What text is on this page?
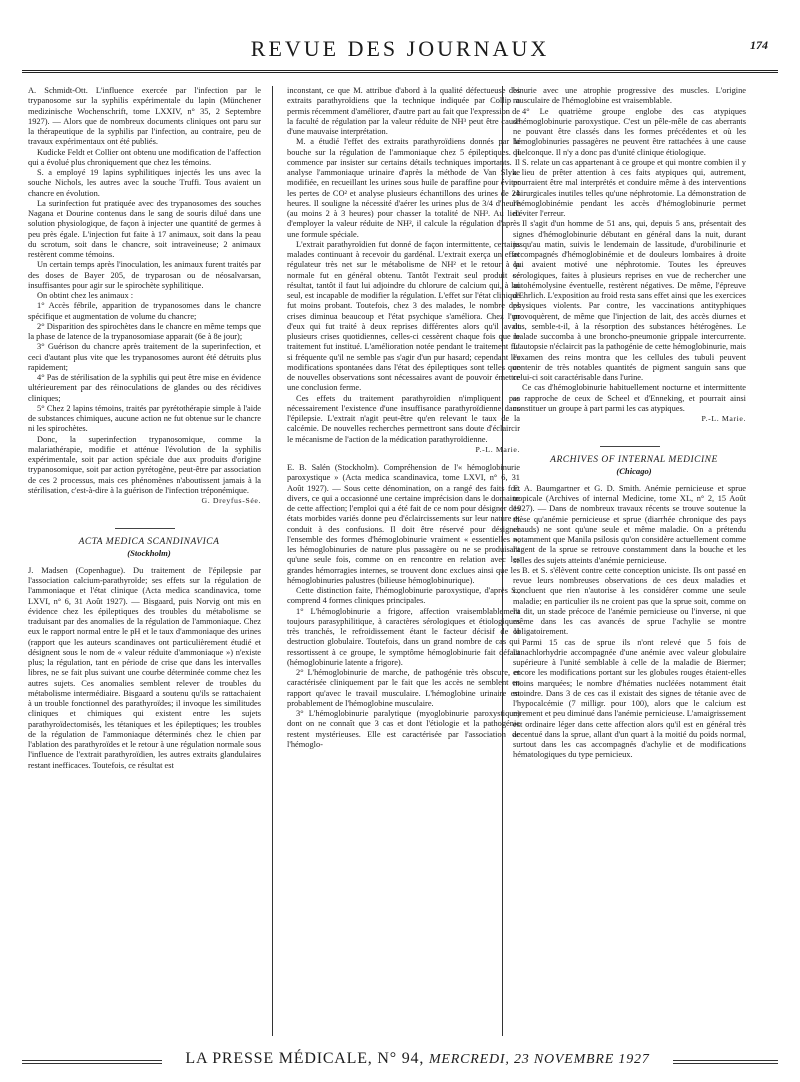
REVUE DES JOURNAUX	174

A. Schmidt-Ott. L'influence exercée par l'infection par le trypanosome sur la syphilis expérimentale du lapin (Münchener medizinische Wochenschrift, tome LXXIV, n° 35, 2 Septembre 1927). — Alors que de nombreux documents cliniques ont paru sur la thérapeutique de la syphilis par l'infection, au contraire, peu de travaux expérimentaux ont été publiés.

Kudicke Feldt et Collier ont obtenu une modification de l'affection qui a évolué plus chroniquement que chez les témoins.

S. a employé 19 lapins syphilitiques injectés les uns avec la souche Nichols, les autres avec la souche Truffi. Tous avaient un chancre en évolution.

La surinfection fut pratiquée avec des trypanosomes des souches Nagana et Dourine contenus dans le sang de souris dilué dans une solution physiologique, de façon à injecter une quantité de germes à peu près égale. L'injection fut faite à 17 animaux, soit dans la peau du scrotum, soit dans le chancre, soit intraveineuse; 2 animaux restèrent comme témoins.

Un certain temps après l'inoculation, les animaux furent traités par des doses de Bayer 205, de tryparosan ou de néosalvarsan, insuffisantes pour agir sur le spirochète syphilitique.

On obtint chez les animaux :

1° Accès fébrile, apparition de trypanosomes dans le chancre spécifique et augmentation de volume du chancre;

2° Disparition des spirochètes dans le chancre en même temps que la phase de latence de la trypanosomiase apparait (6e à 8e jour);

3° Guérison du chancre après traitement de la superinfection, et ceci d'autant plus vite que les trypanosomes auront été détruits plus rapidement;

4° Pas de stérilisation de la syphilis qui peut être mise en évidence ultérieurement par des réinoculations de glandes ou des récidives cliniques;

5° Chez 2 lapins témoins, traités par pyrétothérapie simple à l'aide de substances chimiques, aucune action ne fut obtenue sur le chancre ni les spirochètes.

Donc, la superinfection trypanosomique, comme la malariathérapie, modifie et atténue l'évolution de la syphilis expérimentale, soit par action spéciale due aux produits d'origine trypanosomique, soit par action pyrétogène, peut-être par association de ces 2 processus, mais ces phénomènes n'aboutissent jamais à la stérilisation, c'est-à-dire à la guérison de l'infection tréponémique.

G. Dreyfus-Sée.

ACTA MEDICA SCANDINAVICA

(Stockholm)

J. Madsen (Copenhague). Du traitement de l'épilepsie par l'association calcium-parathyroïde; ses effets sur la régulation de l'ammoniaque et l'état clinique (Acta medica scandinavica, tome LXVI, n° 6, 31 Août 1927). — Bisgaard, puis Norvig ont mis en évidence chez les épileptiques des troubles du métabolisme se traduisant par des anomalies de la régulation de l'ammoniaque. Chez eux le rapport normal entre le pH et le taux d'ammoniaque des urines (rapport que les auteurs scandinaves ont particulièrement étudié et désignent sous le nom de « valeur réduite d'ammoniaque ») n'existe plus; la régulation, tant en période de crise que dans les intervalles libres, ne se fait plus suivant une courbe déterminée comme chez les autres sujets. Ces anomalies semblent relever de troubles du métabolisme intermédiaire. Bisgaard a soutenu qu'ils se rattachaient à un trouble fonctionnel des parathyroïdes; il invoque les similitudes cliniques et chimiques qui existent entre les sujets parathyroïdectomisés, les tétaniques et les épileptiques; les troubles de la régulation de l'ammoniaque déterminés chez le chien par l'ablation des parathyroïdes et le retour à une régulation normale sous l'influence de l'extrait parathyroïdien, les autres extraits glandulaires restant inefficaces. Toutefois, ce résultat est

inconstant, ce que M. attribue d'abord à la qualité défectueuse des extraits parathyroïdiens que la technique indiquée par Collip a permis récemment d'améliorer, d'autre part au fait que l'expression de la faculté de régulation par la valeur réduite de NH³ peut être cause d'une mauvaise interprétation.

M. a étudié l'effet des extraits parathyroïdiens donnés par la bouche sur la régulation de l'ammoniaque chez 5 épileptiques. Il commence par insister sur certains détails techniques importants. Il analyse l'ammoniaque urinaire d'après la méthode de Van Slyke modifiée, en recueillant les urines sous huile de paraffine pour éviter les pertes de CO² et analyse plusieurs échantillons des urines de 24 heures. Il souligne la nécessité d'aérer les urines plus de 3/4 d'heure (au moins 2 à 3 heures) pour chasser la totalité de NH³. Au lieu d'employer la valeur réduite de NH², il calcule la régulation d'après une formule spéciale.

L'extrait parathyroïdien fut donné de façon intermittente, certains malades continuant à recevoir du gardénal. L'extrait exerça un effet régulateur très net sur le métabolisme de NH² et le retour à la normale fut en général obtenu. Tantôt l'extrait seul produit ce résultat, tantôt il faut lui adjoindre du chlorure de calcium qui, à lui seul, est incapable de modifier la régulation. L'effet sur l'état clinique fut moins probant. Toutefois, chez 3 des malades, le nombre des crises diminua beaucoup et l'état psychique s'améliora. Chez l'un d'eux qui fut traité à deux reprises différentes alors qu'il avait plusieurs crises quotidiennes, celles-ci cessèrent chaque fois que le traitement fut institué. L'amélioration notée pendant le traitement fut si fréquente qu'il ne semble pas s'agir d'un pur hasard; cependant les modifications spontanées dans l'état des épileptiques sont telles que de nouvelles observations sont nécessaires avant de pouvoir émettre une conclusion ferme.

Ces effets du traitement parathyroïdien n'impliquent pas nécessairement l'existence d'une insuffisance parathyroïdienne dans l'épilepsie. L'extrait n'agit peut-être qu'en relevant le taux de la calcémie. De nouvelles recherches permettront sans doute d'éclaircir le mécanisme de l'action de la médication parathyroïdienne.

P.-L. Marie.

E. B. Salén (Stockholm). Compréhension de l'« hémoglobinurie paroxystique » (Acta medica scandinavica, tome LXVI, n° 6, 31 Août 1927). — Sous cette dénomination, on a rangé des faits fort divers, ce qui a occasionné une certaine imprécision dans le domaine de cette affection; l'emploi qui a été fait de ce nom pour désigner des états morbides variés donne peu d'éclaircissements sur leur nature et conduit à des confusions. Il doit être réservé pour désigner l'ensemble des formes d'hémoglobinurie vraiment « essentielles », les hémoglobinuries de nature plus passagère ou ne se produisant qu'une seule fois, comme on en rencontre en relation avec les grandes hémorragies internes, se trouvent donc exclues ainsi que les hémoglobinuries palustres (bilieuse hémoglobinurique).

Cette distinction faite, l'hémoglobinurie paroxystique, d'après S., comprend 4 formes cliniques principales.

1° L'hémoglobinurie a frigore, affection vraisemblablement toujours parasyphilitique, à caractères sérologiques et étiologiques très tranchés, le refroidissement étant le facteur décisif de la destruction globulaire. Toutefois, dans un grand nombre de cas qui ressortissent à ce groupe, le symptôme hémoglobinurie fait défaut (hémoglobinurie latente a frigore).

2° L'hémoglobinurie de marche, de pathogénie très obscure, et caractérisée cliniquement par le fait que les accès ne semblent en rapport qu'avec le travail musculaire. L'hémoglobine urinaire est probablement de l'hémoglobine musculaire.

3° L'hémoglobinurie paralytique (myoglobinurie paroxystique) dont on ne connaît que 3 cas et dont l'étiologie et la pathogénie restent mystérieuses. Elle est caractérisée par l'association de l'hémoglo-

binurie avec une atrophie progressive des muscles. L'origine musculaire de l'hémoglobine est vraisemblable.

4° Le quatrième groupe englobe des cas atypiques d'hémoglobinurie paroxystique. C'est un pêle-mêle de cas aberrants ne pouvant être classés dans les formes précédentes et où les hémoglobinuries passagères ne peuvent être rattachées à une cause quelconque. Il n'y a donc pas d'unité clinique étiologique.

S. relate un cas appartenant à ce groupe et qui montre combien il y a lieu de prêter attention à ces faits atypiques qui, autrement, pourraient être mal interprétés et conduire même à des interventions chirurgicales inutiles telles qu'une néphrotomie. La démonstration de l'hémoglobinémie pendant les accès d'hémoglobinurie permet d'éviter l'erreur.

Il s'agit d'un homme de 51 ans, qui, depuis 5 ans, présentait des signes d'hémoglobinurie débutant en général dans la nuit, durant jusqu'au matin, suivis le lendemain de lassitude, d'urobilinurie et accompagnés d'hémoglobinémie et de douleurs lombaires à droite qui avaient motivé une néphrotomie. Toutes les épreuves sérologiques, faites à plusieurs reprises en vue de rechercher une autohémolysine éventuelle, restèrent négatives. De même, l'épreuve d'Ehrlich. L'exposition au froid resta sans effet ainsi que les exercices physiques violents. Par contre, les vaccinations antityphiques provoquèrent, de même que l'injection de lait, des accès diurnes et dus, semble-t-il, à la résorption des substances hétérogènes. Le malade succomba à une broncho-pneumonie grippale intercurrente. L'autopsie n'éclaircit pas la pathogénie de cette hémoglobinurie, mais l'examen des reins montra que les cellules des tubuli peuvent contenir de très notables quantités de pigment sanguin sans que celui-ci soit caractérisable dans l'urine.

Ce cas d'hémoglobinurie habituellement nocturne et intermittente se rapproche de ceux de Scheel et d'Enneking, et pourrait ainsi constituer un groupe à part parmi les cas atypiques.

P.-L. Marie.

ARCHIVES OF INTERNAL MEDICINE

(Chicago)

E. A. Baumgartner et G. D. Smith. Anémie pernicieuse et sprue tropicale (Archives of internal Medicine, tome XL, n° 2, 15 Août 1927). — Dans de nombreux travaux récents se trouve soutenue la thèse qu'anémie pernicieuse et sprue (diarrhée chronique des pays chauds) ne sont qu'une seule et même maladie. On a prétendu notamment que Manila psilosis qu'on considère actuellement comme l'agent de la sprue se retrouve constamment dans la bouche et les selles des sujets atteints d'anémie pernicieuse.

B. et S. s'élèvent contre cette conception uniciste. Ils ont passé en revue leurs nombreuses observations de ces deux maladies et concluent que rien n'autorise à les considérer comme une seule maladie; en particulier ils ne croient pas que la sprue soit, comme on l'a dit, un stade précoce de l'anémie pernicieuse ou l'inverse, ni que même dans les cas avancés de sprue l'achylie se montre obligatoirement.

Parmi 15 cas de sprue ils n'ont relevé que 5 fois de l'anachlorhydrie accompagnée d'une anémie avec valeur globulaire supérieure à l'unité semblable à celle de la maladie de Biermer; encore les modifications portant sur les globules rouges étaient-elles moins marquées; le nombre d'hématies nucléées notamment était moindre. Dans 3 de ces cas il existait des signes de tétanie avec de l'hypocalcémie (7 milligr. pour 100), alors que le calcium est rarement et peu diminué dans l'anémie pernicieuse. L'amaigrissement est ordinaire léger dans cette affection alors qu'il est en général très accentué dans la sprue, allant d'un quart à la moitié du poids normal, surtout dans les cas accompagnés d'achylie et de modifications hématologiques du type pernicieux.

LA PRESSE MÉDICALE, N° 94, MERCREDI, 23 NOVEMBRE 1927
